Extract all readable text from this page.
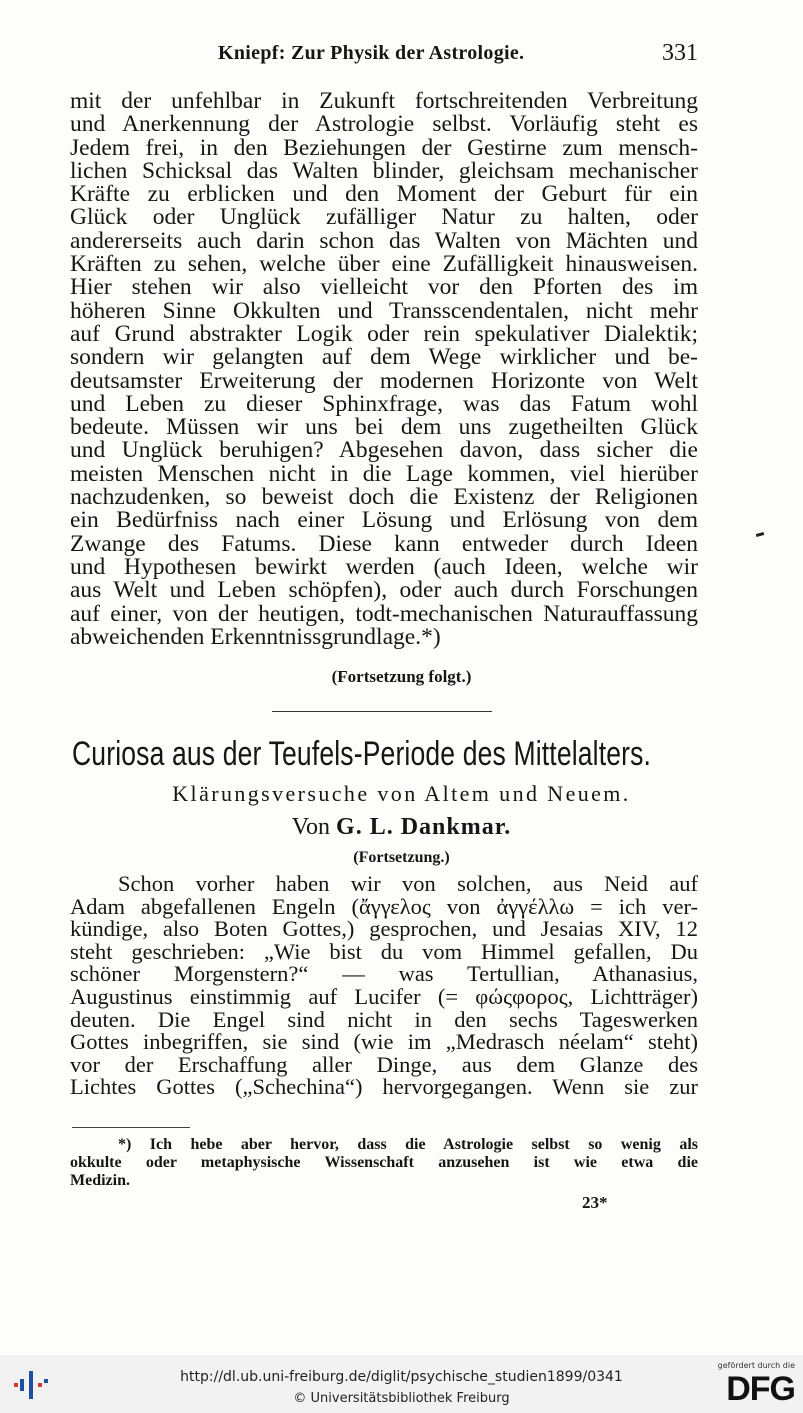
Kniepf: Zur Physik der Astrologie.	331
mit der unfehlbar in Zukunft fortschreitenden Verbreitung
und Anerkennung der Astrologie selbst. Vorläufig steht es
Jedem frei, in den Beziehungen der Gestirne zum mensch-
lichen Schicksal das Walten blinder, gleichsam mechanischer
Kräfte zu erblicken und den Moment der Geburt für ein
Glück oder Unglück zufälliger Natur zu halten, oder
andererseits auch darin schon das Walten von Mächten und
Kräften zu sehen, welche über eine Zufälligkeit hinausweisen.
Hier stehen wir also vielleicht vor den Pforten des im
höheren Sinne Okkulten und Transscendentalen, nicht mehr
auf Grund abstrakter Logik oder rein spekulativer Dialektik;
sondern wir gelangten auf dem Wege wirklicher und be-
deutsamster Erweiterung der modernen Horizonte von Welt
und Leben zu dieser Sphinxfrage, was das Fatum wohl
bedeute. Müssen wir uns bei dem uns zugetheilten Glück
und Unglück beruhigen? Abgesehen davon, dass sicher die
meisten Menschen nicht in die Lage kommen, viel hierüber
nachzudenken, so beweist doch die Existenz der Religionen
ein Bedürfniss nach einer Lösung und Erlösung von dem
Zwange des Fatums. Diese kann entweder durch Ideen
und Hypothesen bewirkt werden (auch Ideen, welche wir
aus Welt und Leben schöpfen), oder auch durch Forschungen
auf einer, von der heutigen, todt-mechanischen Naturauffassung
abweichenden Erkenntnissgrundlage.*)
(Fortsetzung folgt.)
Curiosa aus der Teufels-Periode des Mittelalters.
Klärungsversuche von Altem und Neuem.
Von G. L. Dankmar.
(Fortsetzung.)
Schon vorher haben wir von solchen, aus Neid auf
Adam abgefallenen Engeln (ἄγγελος von ἀγγέλλω = ich ver-
kündige, also Boten Gottes,) gesprochen, und Jesaias XIV, 12
steht geschrieben: „Wie bist du vom Himmel gefallen, Du
schöner Morgenstern?“ — was Tertullian, Athanasius,
Augustinus einstimmig auf Lucifer (= φώςφορος, Lichtträger)
deuten. Die Engel sind nicht in den sechs Tageswerken
Gottes inbegriffen, sie sind (wie im „Medrasch néelam“ steht)
vor der Erschaffung aller Dinge, aus dem Glanze des
Lichtes Gottes („Schechina“) hervorgegangen. Wenn sie zur
*) Ich hebe aber hervor, dass die Astrologie selbst so wenig als
okkulte oder metaphysische Wissenschaft anzusehen ist wie etwa die
Medizin.
23*
http://dl.ub.uni-freiburg.de/diglit/psychische_studien1899/0341
© Universitätsbibliothek Freiburg
gefördert durch die
DFG
